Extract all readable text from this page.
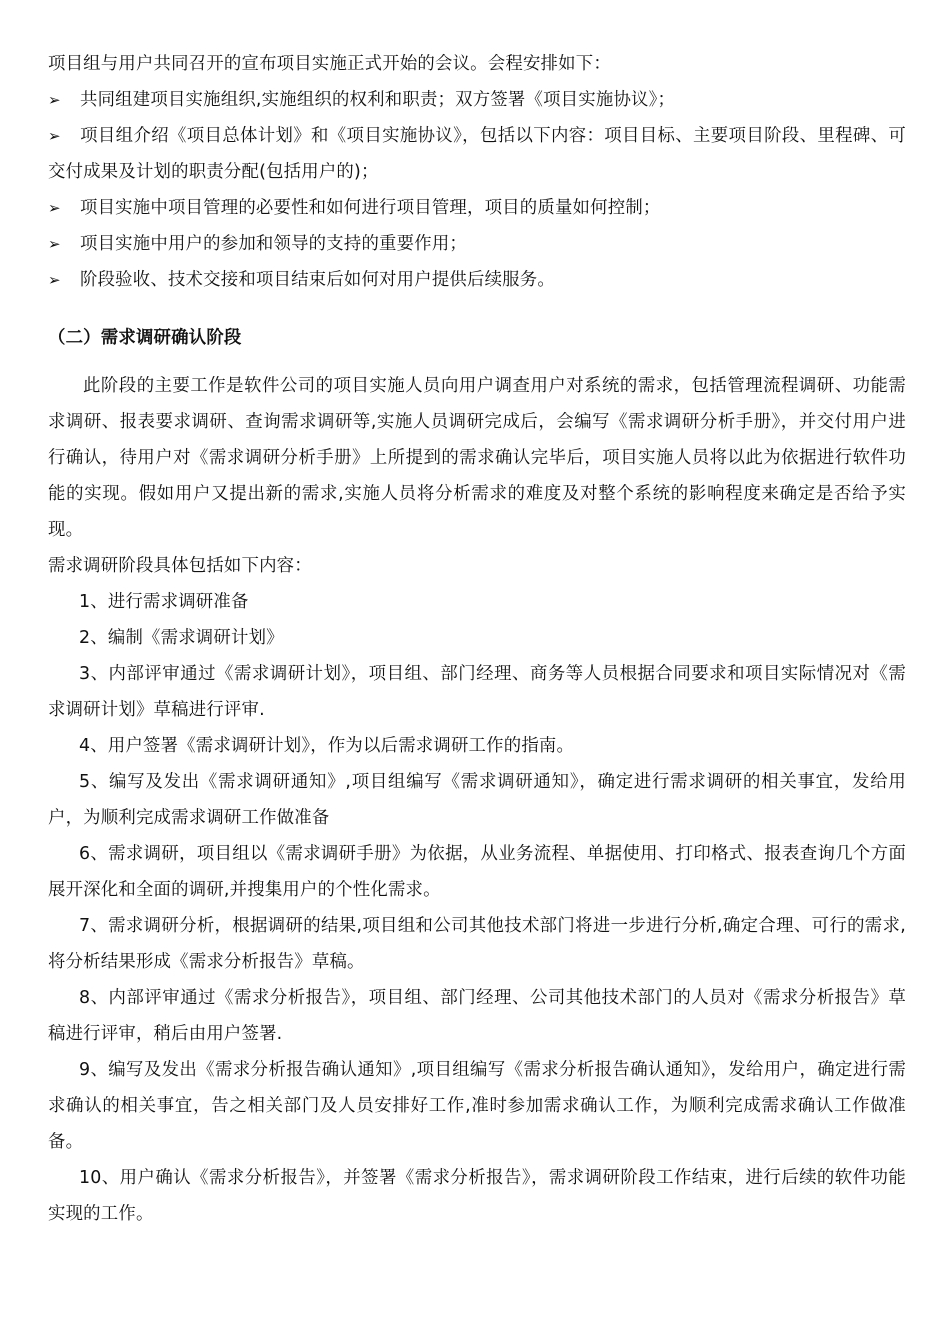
项目组与用户共同召开的宣布项目实施正式开始的会议。会程安排如下：

➢	共同组建项目实施组织,实施组织的权利和职责；双方签署《项目实施协议》；

➢ 项目组介绍《项目总体计划》和《项目实施协议》，包括以下内容：项目目标、主要项目阶段、里程碑、可交付成果及计划的职责分配(包括用户的)；

➢	项目实施中项目管理的必要性和如何进行项目管理，项目的质量如何控制；

➢	项目实施中用户的参加和领导的支持的重要作用；

➢	阶段验收、技术交接和项目结束后如何对用户提供后续服务。

（二）需求调研确认阶段

此阶段的主要工作是软件公司的项目实施人员向用户调查用户对系统的需求，包括管理流程调研、功能需求调研、报表要求调研、查询需求调研等,实施人员调研完成后，会编写《需求调研分析手册》，并交付用户进行确认，待用户对《需求调研分析手册》上所提到的需求确认完毕后，项目实施人员将以此为依据进行软件功能的实现。假如用户又提出新的需求,实施人员将分析需求的难度及对整个系统的影响程度来确定是否给予实现。

需求调研阶段具体包括如下内容：

1、进行需求调研准备

2、编制《需求调研计划》

3、内部评审通过《需求调研计划》，项目组、部门经理、商务等人员根据合同要求和项目实际情况对《需求调研计划》草稿进行评审.

4、用户签署《需求调研计划》，作为以后需求调研工作的指南。

5、编写及发出《需求调研通知》,项目组编写《需求调研通知》，确定进行需求调研的相关事宜，发给用户，为顺利完成需求调研工作做准备

6、需求调研，项目组以《需求调研手册》为依据，从业务流程、单据使用、打印格式、报表查询几个方面展开深化和全面的调研,并搜集用户的个性化需求。

7、需求调研分析，根据调研的结果,项目组和公司其他技术部门将进一步进行分析,确定合理、可行的需求,将分析结果形成《需求分析报告》草稿。

8、内部评审通过《需求分析报告》，项目组、部门经理、公司其他技术部门的人员对《需求分析报告》草稿进行评审，稍后由用户签署.

9、编写及发出《需求分析报告确认通知》,项目组编写《需求分析报告确认通知》，发给用户，确定进行需求确认的相关事宜，告之相关部门及人员安排好工作,准时参加需求确认工作，为顺利完成需求确认工作做准备。

10、用户确认《需求分析报告》，并签署《需求分析报告》，需求调研阶段工作结束，进行后续的软件功能实现的工作。
